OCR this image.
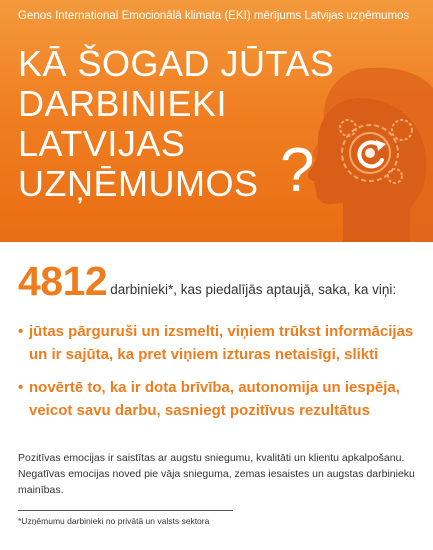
Genos International Emocionālā klimata (EKI) mērījums Latvijas uzņēmumos
KĀ ŠOGAD JŪTAS
DARBINIEKI
LATVIJAS
UZŅĒMUMOS ?
4812 darbinieki*, kas piedalījās aptaujā, saka, ka viņi:
• jūtas pārguruši un izsmelti, viņiem trūkst informācijas
un ir sajūta, ka pret viņiem izturas netaisīgi, slikti
• novērtē to, ka ir dota brīvība, autonomija un iespēja,
veicot savu darbu, sasniegt pozitīvus rezultātus
Pozitīvas emocijas ir saistītas ar augstu sniegumu, kvalitāti un klientu apkalpošanu.
Negatīvas emocijas noved pie vāja snieguma, zemas iesaistes un augstas darbinieku
mainības.
*Uzņēmumu darbinieki no privātā un valsts sektora
